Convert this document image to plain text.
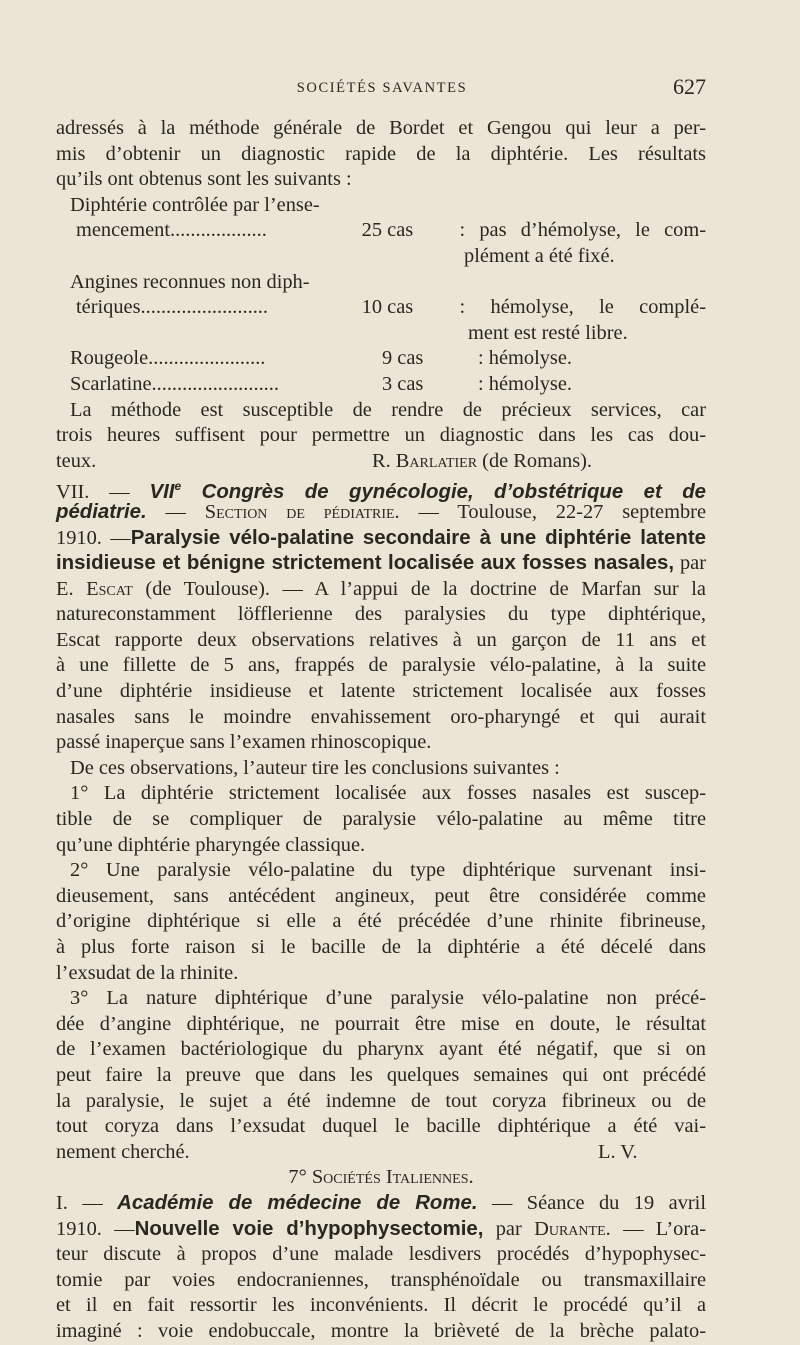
SOCIÉTÉS SAVANTES	627
adressés à la méthode générale de Bordet et Gengou qui leur a per-
mis d’obtenir un diagnostic rapide de la diphtérie. Les résultats
qu’ils ont obtenus sont les suivants :
Diphtérie contrôlée par l’ense-
mencement...................	25 cas	: pas d’hémolyse, le com-
plément a été fixé.
Angines reconnues non diph-
tériques.........................	10 cas	: hémolyse, le complé-
ment est resté libre.
Rougeole.......................	9 cas	: hémolyse.
Scarlatine.........................	3 cas	: hémolyse.
La méthode est susceptible de rendre de précieux services, car
trois heures suffisent pour permettre un diagnostic dans les cas dou-
teux.	R. Barlatier (de Romans).
VII. — VIIe Congrès de gynécologie, d’obstétrique et de
pédiatrie. — Section de pédiatrie. — Toulouse, 22-27 septembre
1910. —Paralysie vélo-palatine secondaire à une diphtérie latente
insidieuse et bénigne strictement localisée aux fosses nasales, par
E. Escat (de Toulouse). — A l’appui de la doctrine de Marfan sur la
natureconstamment löfflerienne des paralysies du type diphtérique,
Escat rapporte deux observations relatives à un garçon de 11 ans et
à une fillette de 5 ans, frappés de paralysie vélo-palatine, à la suite
d’une diphtérie insidieuse et latente strictement localisée aux fosses
nasales sans le moindre envahissement oro-pharyngé et qui aurait
passé inaperçue sans l’examen rhinoscopique.
De ces observations, l’auteur tire les conclusions suivantes :
1° La diphtérie strictement localisée aux fosses nasales est suscep-
tible de se compliquer de paralysie vélo-palatine au même titre
qu’une diphtérie pharyngée classique.
2° Une paralysie vélo-palatine du type diphtérique survenant insi-
dieusement, sans antécédent angineux, peut être considérée comme
d’origine diphtérique si elle a été précédée d’une rhinite fibrineuse,
à plus forte raison si le bacille de la diphtérie a été décelé dans
l’exsudat de la rhinite.
3° La nature diphtérique d’une paralysie vélo-palatine non précé-
dée d’angine diphtérique, ne pourrait être mise en doute, le résultat
de l’examen bactériologique du pharynx ayant été négatif, que si on
peut faire la preuve que dans les quelques semaines qui ont précédé
la paralysie, le sujet a été indemne de tout coryza fibrineux ou de
tout coryza dans l’exsudat duquel le bacille diphtérique a été vai-
nement cherché.	L. V.
7° Sociétés Italiennes.
I. — Académie de médecine de Rome. — Séance du 19 avril
1910. —Nouvelle voie d’hypophysectomie, par Durante. — L’ora-
teur discute à propos d’une malade lesdivers procédés d’hypophysec-
tomie par voies endocraniennes, transphénoïdale ou transmaxillaire
et il en fait ressortir les inconvénients. Il décrit le procédé qu’il a
imaginé : voie endobuccale, montre la brièveté de la brèche palato-
